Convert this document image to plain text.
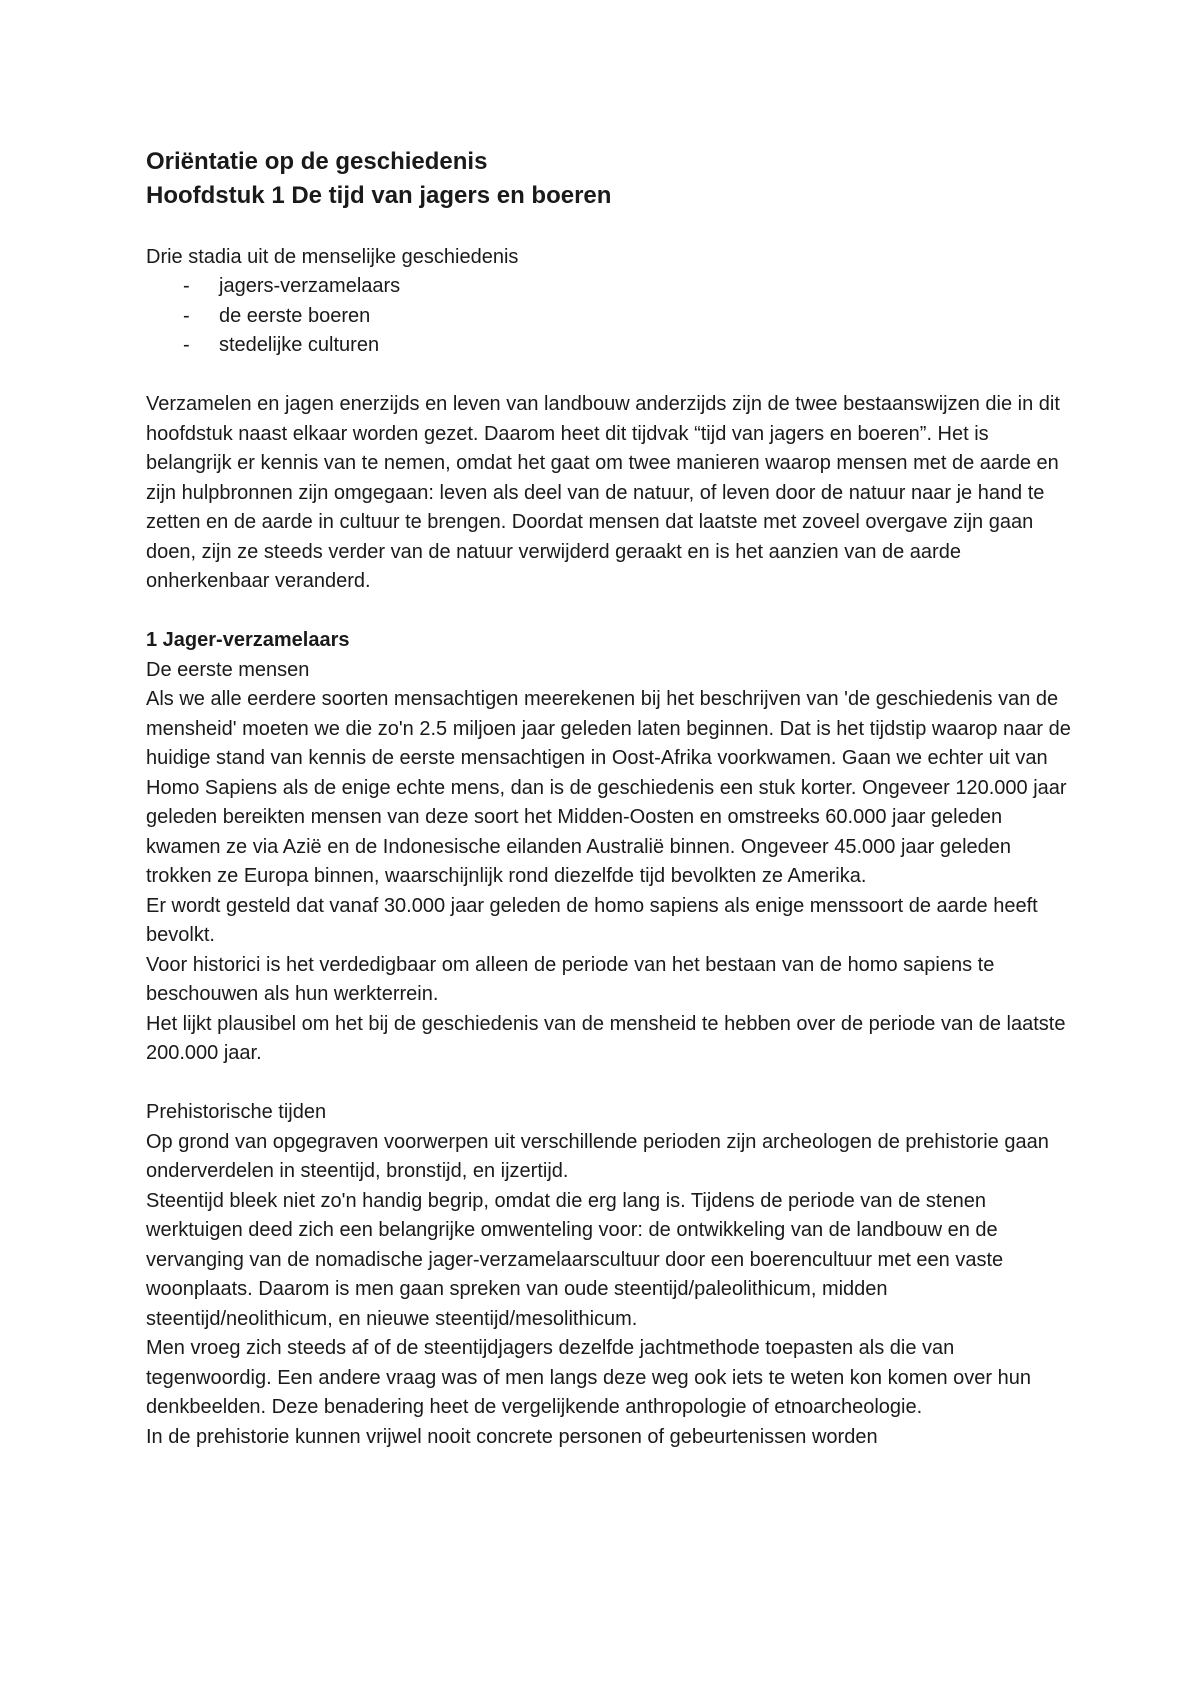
Oriëntatie op de geschiedenis
Hoofdstuk 1 De tijd van jagers en boeren

Drie stadia uit de menselijke geschiedenis

- jagers-verzamelaars
- de eerste boeren
- stedelijke culturen

Verzamelen en jagen enerzijds en leven van landbouw anderzijds zijn de twee bestaanswijzen die in dit hoofdstuk naast elkaar worden gezet. Daarom heet dit tijdvak “tijd van jagers en boeren”. Het is belangrijk er kennis van te nemen, omdat het gaat om twee manieren waarop mensen met de aarde en zijn hulpbronnen zijn omgegaan: leven als deel van de natuur, of leven door de natuur naar je hand te zetten en de aarde in cultuur te brengen. Doordat mensen dat laatste met zoveel overgave zijn gaan doen, zijn ze steeds verder van de natuur verwijderd geraakt en is het aanzien van de aarde onherkenbaar veranderd.

1 Jager-verzamelaars

De eerste mensen

Als we alle eerdere soorten mensachtigen meerekenen bij het beschrijven van 'de geschiedenis van de mensheid' moeten we die zo'n 2.5 miljoen jaar geleden laten beginnen. Dat is het tijdstip waarop naar de huidige stand van kennis de eerste mensachtigen in Oost-Afrika voorkwamen. Gaan we echter uit van Homo Sapiens als de enige echte mens, dan is de geschiedenis een stuk korter. Ongeveer 120.000 jaar geleden bereikten mensen van deze soort het Midden-Oosten en omstreeks 60.000 jaar geleden kwamen ze via Azië en de Indonesische eilanden Australië binnen. Ongeveer 45.000 jaar geleden trokken ze Europa binnen, waarschijnlijk rond diezelfde tijd bevolkten ze Amerika.

Er wordt gesteld dat vanaf 30.000 jaar geleden de homo sapiens als enige menssoort de aarde heeft bevolkt.

Voor historici is het verdedigbaar om alleen de periode van het bestaan van de homo sapiens te beschouwen als hun werkterrein.

Het lijkt plausibel om het bij de geschiedenis van de mensheid te hebben over de periode van de laatste 200.000 jaar.

Prehistorische tijden

Op grond van opgegraven voorwerpen uit verschillende perioden zijn archeologen de prehistorie gaan onderverdelen in steentijd, bronstijd, en ijzertijd.

Steentijd bleek niet zo'n handig begrip, omdat die erg lang is. Tijdens de periode van de stenen werktuigen deed zich een belangrijke omwenteling voor: de ontwikkeling van de landbouw en de vervanging van de nomadische jager-verzamelaarscultuur door een boerencultuur met een vaste woonplaats. Daarom is men gaan spreken van oude steentijd/paleolithicum, midden steentijd/neolithicum, en nieuwe steentijd/mesolithicum.

Men vroeg zich steeds af of de steentijdjagers dezelfde jachtmethode toepasten als die van tegenwoordig. Een andere vraag was of men langs deze weg ook iets te weten kon komen over hun denkbeelden. Deze benadering heet de vergelijkende anthropologie of etnoarcheologie.

In de prehistorie kunnen vrijwel nooit concrete personen of gebeurtenissen worden
